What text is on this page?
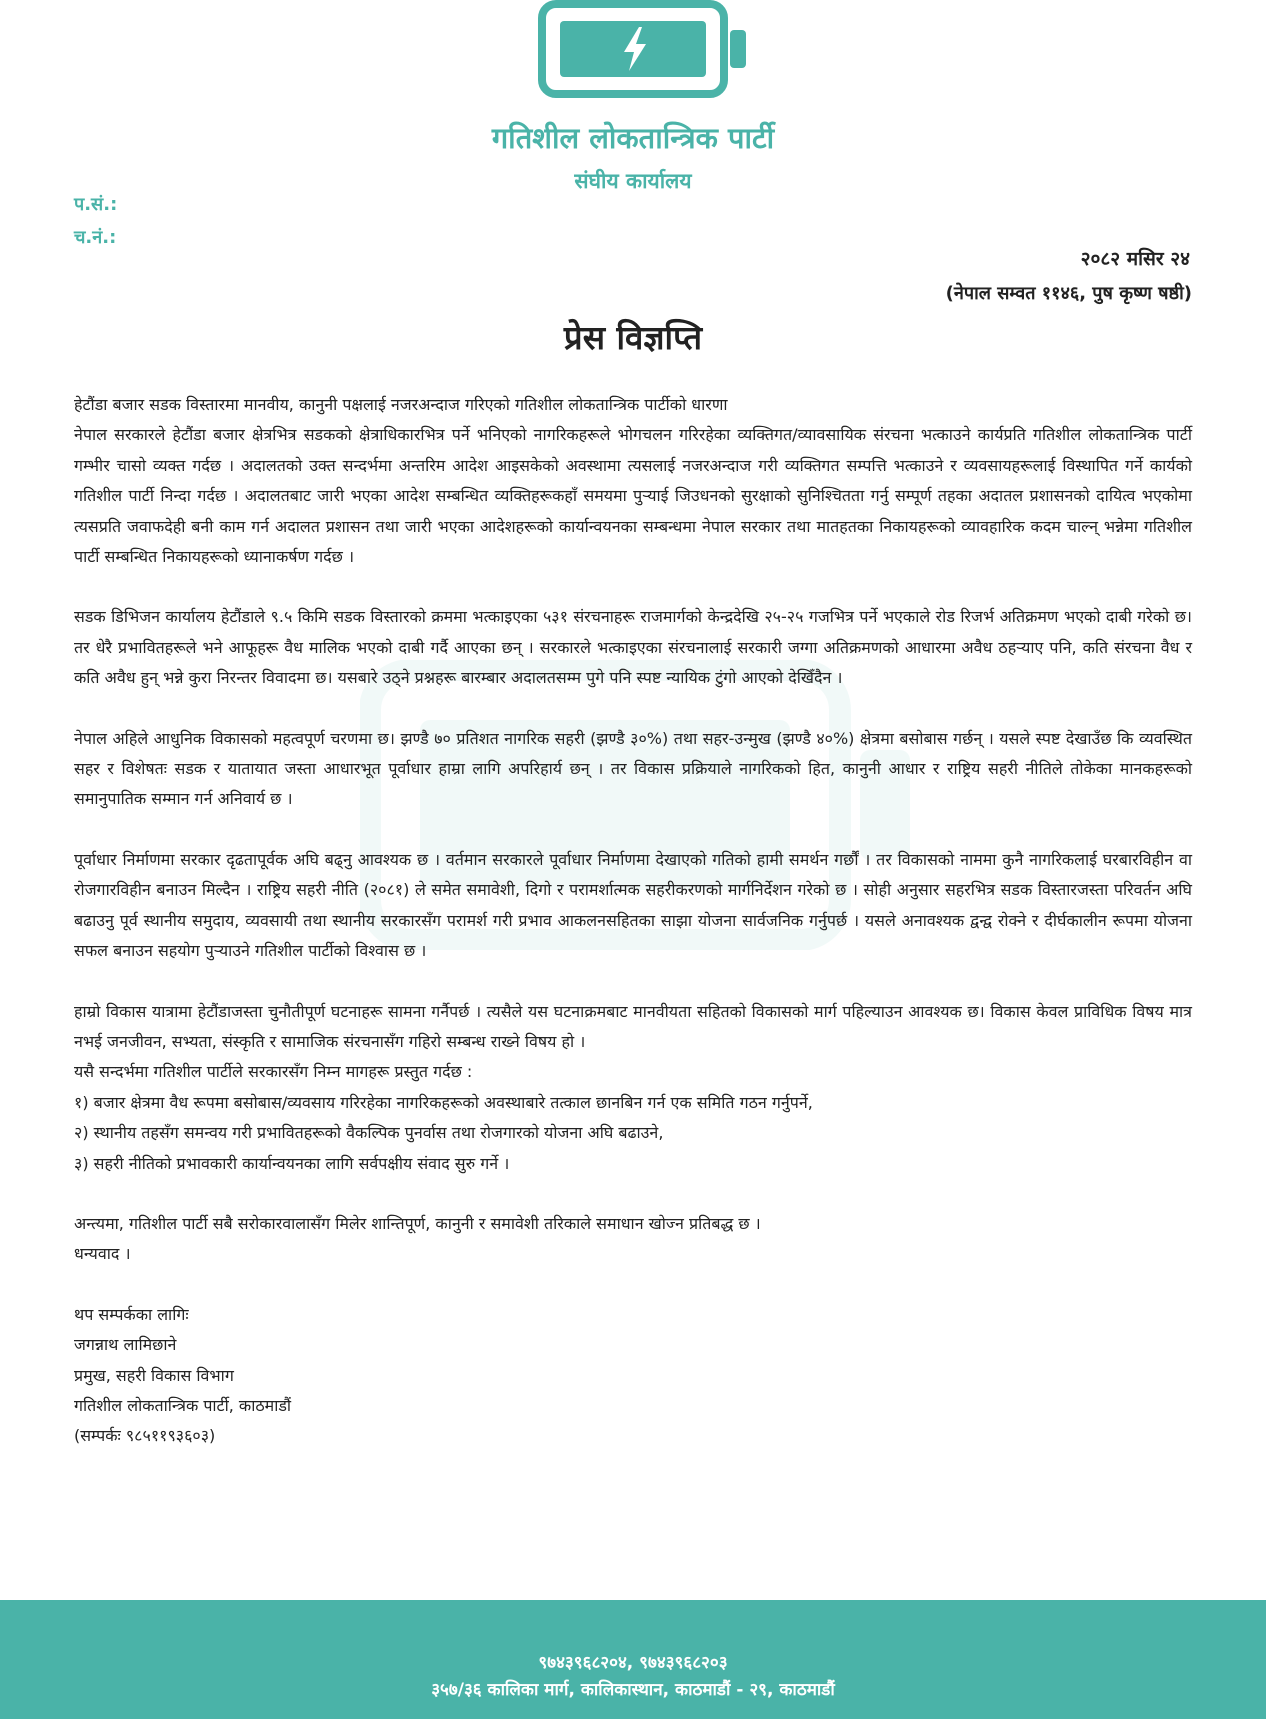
गतिशील लोकतान्त्रिक पार्टी
संघीय कार्यालय
प.सं.:
च.नं.:
२०८२ मसिर २४
(नेपाल सम्वत ११४६, पुष कृष्ण षष्ठी)
प्रेस विज्ञप्ति

हेटौंडा बजार सडक विस्तारमा मानवीय, कानुनी पक्षलाई नजरअन्दाज गरिएको गतिशील लोकतान्त्रिक पार्टीको धारणा

नेपाल सरकारले हेटौंडा बजार क्षेत्रभित्र सडकको क्षेत्राधिकारभित्र पर्ने भनिएको नागरिकहरूले भोगचलन गरिरहेका व्यक्तिगत/व्यावसायिक संरचना भत्काउने कार्यप्रति गतिशील लोकतान्त्रिक पार्टी गम्भीर चासो व्यक्त गर्दछ । अदालतको उक्त सन्दर्भमा अन्तरिम आदेश आइसकेको अवस्थामा त्यसलाई नजरअन्दाज गरी व्यक्तिगत सम्पत्ति भत्काउने र व्यवसायहरूलाई विस्थापित गर्ने कार्यको गतिशील पार्टी निन्दा गर्दछ । अदालतबाट जारी भएका आदेश सम्बन्धित व्यक्तिहरूकहाँ समयमा पुऱ्याई जिउधनको सुरक्षाको सुनिश्चितता गर्नु सम्पूर्ण तहका अदातल प्रशासनको दायित्व भएकोमा त्यसप्रति जवाफदेही बनी काम गर्न अदालत प्रशासन तथा जारी भएका आदेशहरूको कार्यान्वयनका सम्बन्धमा नेपाल सरकार तथा मातहतका निकायहरूको व्यावहारिक कदम चाल्न् भन्नेमा गतिशील पार्टी सम्बन्धित निकायहरूको ध्यानाकर्षण गर्दछ ।

सडक डिभिजन कार्यालय हेटौंडाले ९.५ किमि सडक विस्तारको क्रममा भत्काइएका ५३१ संरचनाहरू राजमार्गको केन्द्रदेखि २५-२५ गजभित्र पर्ने भएकाले रोड रिजर्भ अतिक्रमण भएको दाबी गरेको छ। तर धेरै प्रभावितहरूले भने आफूहरू वैध मालिक भएको दाबी गर्दै आएका छन् । सरकारले भत्काइएका संरचनालाई सरकारी जग्गा अतिक्रमणको आधारमा अवैध ठहऱ्याए पनि, कति संरचना वैध र कति अवैध हुन् भन्ने कुरा निरन्तर विवादमा छ। यसबारे उठ्ने प्रश्नहरू बारम्बार अदालतसम्म पुगे पनि स्पष्ट न्यायिक टुंगो आएको देखिँदैन ।

नेपाल अहिले आधुनिक विकासको महत्वपूर्ण चरणमा छ। झण्डै ७० प्रतिशत नागरिक सहरी (झण्डै ३०%) तथा सहर-उन्मुख (झण्डै ४०%) क्षेत्रमा बसोबास गर्छन् । यसले स्पष्ट देखाउँछ कि व्यवस्थित सहर र विशेषतः सडक र यातायात जस्ता आधारभूत पूर्वाधार हाम्रा लागि अपरिहार्य छन् । तर विकास प्रक्रियाले नागरिकको हित, कानुनी आधार र राष्ट्रिय सहरी नीतिले तोकेका मानकहरूको समानुपातिक सम्मान गर्न अनिवार्य छ ।

पूर्वाधार निर्माणमा सरकार दृढतापूर्वक अघि बढ्नु आवश्यक छ । वर्तमान सरकारले पूर्वाधार निर्माणमा देखाएको गतिको हामी समर्थन गर्छौं । तर विकासको नाममा कुनै नागरिकलाई घरबारविहीन वा रोजगारविहीन बनाउन मिल्दैन । राष्ट्रिय सहरी नीति (२०८१) ले समेत समावेशी, दिगो र परामर्शात्मक सहरीकरणको मार्गनिर्देशन गरेको छ । सोही अनुसार सहरभित्र सडक विस्तारजस्ता परिवर्तन अघि बढाउनु पूर्व स्थानीय समुदाय, व्यवसायी तथा स्थानीय सरकारसँग परामर्श गरी प्रभाव आकलनसहितका साझा योजना सार्वजनिक गर्नुपर्छ । यसले अनावश्यक द्वन्द्व रोक्ने र दीर्घकालीन रूपमा योजना सफल बनाउन सहयोग पुऱ्याउने गतिशील पार्टीको विश्वास छ ।

हाम्रो विकास यात्रामा हेटौंडाजस्ता चुनौतीपूर्ण घटनाहरू सामना गर्नैपर्छ । त्यसैले यस घटनाक्रमबाट मानवीयता सहितको विकासको मार्ग पहिल्याउन आवश्यक छ। विकास केवल प्राविधिक विषय मात्र नभई जनजीवन, सभ्यता, संस्कृति र सामाजिक संरचनासँग गहिरो सम्बन्ध राख्ने विषय हो ।
यसै सन्दर्भमा गतिशील पार्टीले सरकारसँग निम्न मागहरू प्रस्तुत गर्दछ :
१) बजार क्षेत्रमा वैध रूपमा बसोबास/व्यवसाय गरिरहेका नागरिकहरूको अवस्थाबारे तत्काल छानबिन गर्न एक समिति गठन गर्नुपर्ने,
२) स्थानीय तहसँग समन्वय गरी प्रभावितहरूको वैकल्पिक पुनर्वास तथा रोजगारको योजना अघि बढाउने,
३) सहरी नीतिको प्रभावकारी कार्यान्वयनका लागि सर्वपक्षीय संवाद सुरु गर्ने ।

अन्त्यमा, गतिशील पार्टी सबै सरोकारवालासँग मिलेर शान्तिपूर्ण, कानुनी र समावेशी तरिकाले समाधान खोज्न प्रतिबद्ध छ ।
धन्यवाद ।

थप सम्पर्कका लागिः
जगन्नाथ लामिछाने
प्रमुख, सहरी विकास विभाग
गतिशील लोकतान्त्रिक पार्टी, काठमाडौं
(सम्पर्कः ९८५११९३६०३)

९७४३९६८२०४, ९७४३९६८२०३
३५७/३६ कालिका मार्ग, कालिकास्थान, काठमाडौं - २९, काठमाडौं
